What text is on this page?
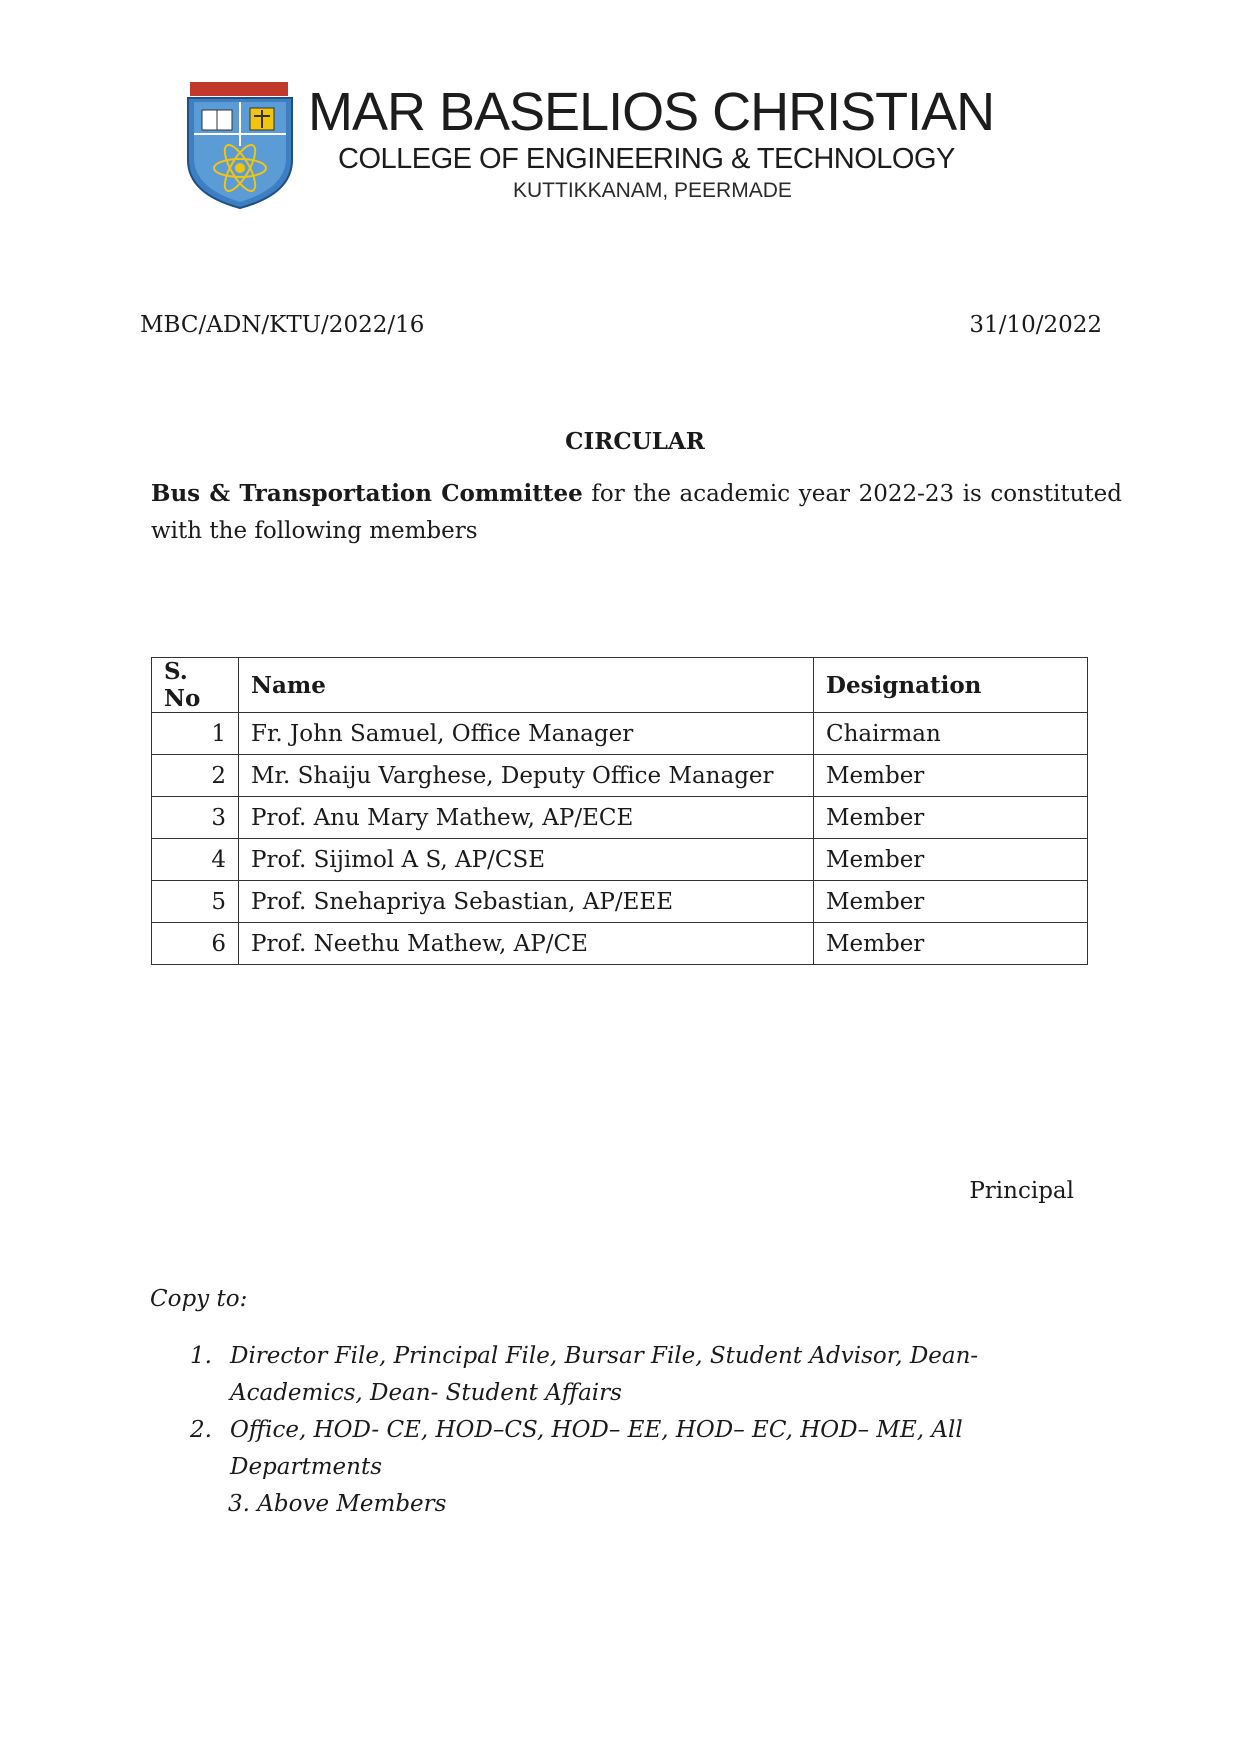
MAR BASELIOS CHRISTIAN
COLLEGE OF ENGINEERING & TECHNOLOGY
KUTTIKKANAM, PEERMADE
MBC/ADN/KTU/2022/16	31/10/2022
CIRCULAR
Bus & Transportation Committee for the academic year 2022-23 is constituted with the following members
S. No	Name	Designation
1	Fr. John Samuel, Office Manager	Chairman
2	Mr. Shaiju Varghese, Deputy Office Manager	Member
3	Prof. Anu Mary Mathew, AP/ECE	Member
4	Prof. Sijimol A S, AP/CSE	Member
5	Prof. Snehapriya Sebastian, AP/EEE	Member
6	Prof. Neethu Mathew, AP/CE	Member
Principal
Copy to:
1. Director File, Principal File, Bursar File, Student Advisor, Dean- Academics, Dean- Student Affairs
2. Office, HOD- CE, HOD–CS, HOD– EE, HOD– EC, HOD– ME, All Departments
3. Above Members
